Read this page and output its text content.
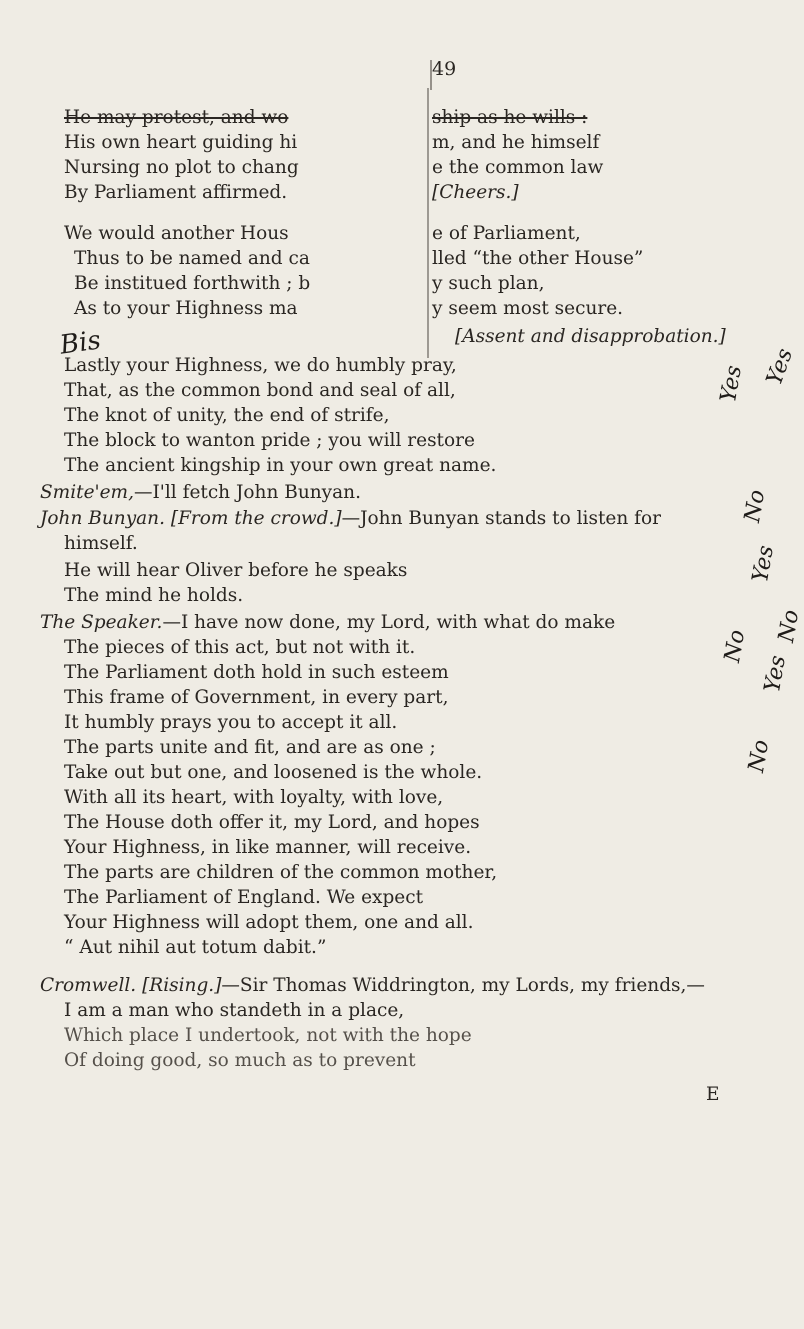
49
He may protest, and wo
His own heart guiding hi
Nursing no plot to chang
By Parliament affirmed.
ship as he wills :
m, and he himself
e the common law
[Cheers.]
We would another Hous
Thus to be named and ca
Be institued forthwith ; b
As to your Highness ma
e of Parliament,
lled “the other House”
y such plan,
y seem most secure.
[Assent and disapprobation.]
Bis
Lastly your Highness, we do humbly pray,
That, as the common bond and seal of all,
The knot of unity, the end of strife,
The block to wanton pride ; you will restore
The ancient kingship in your own great name.
Smite'em,—I'll fetch John Bunyan.
John Bunyan. [From the crowd.]—John Bunyan stands to listen for
himself.
He will hear Oliver before he speaks
The mind he holds.
The Speaker.—I have now done, my Lord, with what do make
The pieces of this act, but not with it.
The Parliament doth hold in such esteem
This frame of Government, in every part,
It humbly prays you to accept it all.
The parts unite and fit, and are as one ;
Take out but one, and loosened is the whole.
With all its heart, with loyalty, with love,
The House doth offer it, my Lord, and hopes
Your Highness, in like manner, will receive.
The parts are children of the common mother,
The Parliament of England. We expect
Your Highness will adopt them, one and all.
“ Aut nihil aut totum dabit.”
Cromwell. [Rising.]—Sir Thomas Widdrington, my Lords, my friends,—
I am a man who standeth in a place,
Which place I undertook, not with the hope
Of doing good, so much as to prevent
E
Yes
No
Yes
No
No
Yes
Yes
No
